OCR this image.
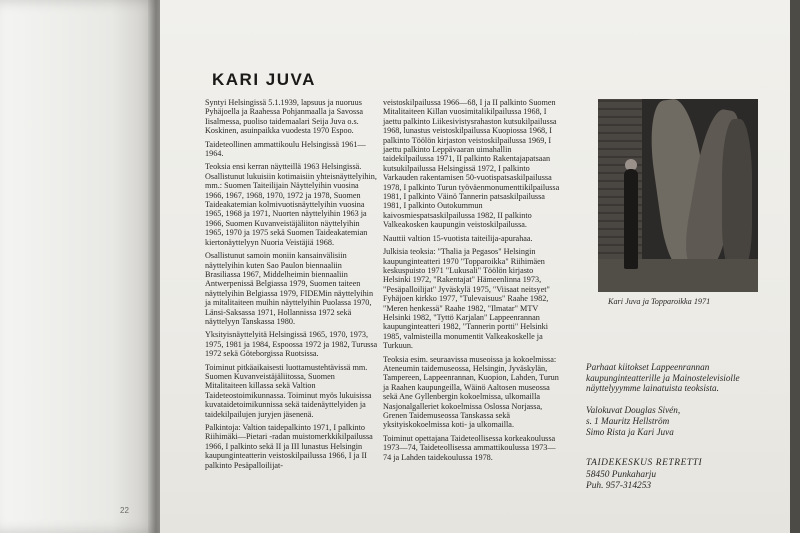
22
KARI JUVA

Syntyi Helsingissä 5.1.1939, lapsuus ja nuoruus Pyhäjoella ja Raahessa Pohjanmaalla ja Savossa Iisalmessa, puoliso taidemaalari Seija Juva o.s. Koskinen, asuinpaikka vuodesta 1970 Espoo.

Taideteollinen ammattikoulu Helsingissä 1961—1964.

Teoksia ensi kerran näytteillä 1963 Helsingissä. Osallistunut lukuisiin kotimaisiin yhteisnäyttelyihin, mm.: Suomen Taiteilijain Näyttelyihin vuosina 1966, 1967, 1968, 1970, 1972 ja 1978, Suomen Taideakatemian kolmivuotisnäyttelyihin vuosina 1965, 1968 ja 1971, Nuorten näyttelyihin 1963 ja 1966, Suomen Kuvanveistäjäliiton näyttelyihin 1965, 1970 ja 1975 sekä Suomen Taideakatemian kiertonäyttelyyn Nuoria Veistäjiä 1968.

Osallistunut samoin moniin kansainvälisiin näyttelyihin kuten Sao Paulon biennaaliin Brasiliassa 1967, Middelheimin biennaaliin Antwerpenissä Belgiassa 1979, Suomen taiteen näyttelyihin Belgiassa 1979, FIDEMin näyttelyihin ja mitalitaiteen muihin näyttelyihin Puolassa 1970, Länsi-Saksassa 1971, Hollannissa 1972 sekä näyttelyyn Tanskassa 1980.

Yksityisnäyttelyitä Helsingissä 1965, 1970, 1973, 1975, 1981 ja 1984, Espoossa 1972 ja 1982, Turussa 1972 sekä Göteborgissa Ruotsissa.

Toiminut pitkäaikaisesti luottamustehtävissä mm. Suomen Kuvanveistäjäliitossa, Suomen Mitalitaiteen killassa sekä Valtion Taideteostoimikunnassa. Toiminut myös lukuisissa kuvataidetoimikunnissa sekä taidenäyttelyiden ja taidekilpailujen juryjen jäsenenä.

Palkintoja: Valtion taidepalkinto 1971, I palkinto Riihimäki—Pietari -radan muistomerkkikilpailussa 1966, I palkinto sekä II ja III lunastus Helsingin kaupunginteatterin veistoskilpailussa 1966, I ja II palkinto Pesäpalloilijat-

veistoskilpailussa 1966—68, I ja II palkinto Suomen Mitalitaiteen Killan vuosimitalikilpailussa 1968, I jaettu palkinto Liikesivistysrahaston kutsukilpailussa 1968, lunastus veistoskilpailussa Kuopiossa 1968, I palkinto Töölön kirjaston veistoskilpailussa 1969, I jaettu palkinto Leppävaaran uimahallin taidekilpailussa 1971, II palkinto Rakentajapatsaan kutsukilpailussa Helsingissä 1972, I palkinto Varkauden rakentamisen 50-vuotispatsaskilpailussa 1978, I palkinto Turun työväenmonumenttikilpailussa 1981, I palkinto Väinö Tannerin patsaskilpailussa 1981, I palkinto Outokummun kaivosmiespatsaskilpailussa 1982, II palkinto Valkeakosken kaupungin veistoskilpailussa.

Nauttii valtion 15-vuotista taiteilija-apurahaa.

Julkisia teoksia: "Thalia ja Pegasos" Helsingin kaupunginteatteri 1970 "Topparoikka" Riihimäen keskuspuisto 1971 "Lukusali" Töölön kirjasto Helsinki 1972, "Rakentajat" Hämeenlinna 1973, "Pesäpalloilijat" Jyväskylä 1975, "Viisaat neitsyet" Fyhäjoen kirkko 1977, "Tulevaisuus" Raahe 1982, "Meren henkessä" Raahe 1982, "Ilmatar" MTV Helsinki 1982, "Tyttö Karjalan" Lappeenrannan kaupunginteatteri 1982, "Tannerin portti" Helsinki 1985, valmisteilla monumentit Valkeakoskelle ja Turkuun.

Teoksia esim. seuraavissa museoissa ja kokoelmissa: Ateneumin taidemuseossa, Helsingin, Jyväskylän, Tampereen, Lappeenrannan, Kuopion, Lahden, Turun ja Raahen kaupungeilla, Wäinö Aaltosen museossa sekä Ane Gyllenbergin kokoelmissa, ulkomailla Nasjonalgalleriet kokoelmissa Oslossa Norjassa, Grenen Taidemuseossa Tanskassa sekä yksityiskokoelmissa koti- ja ulkomailla.

Toiminut opettajana Taideteollisessa korkeakoulussa 1973—74, Taideteollisessa ammattikoulussa 1973—74 ja Lahden taidekoulussa 1978.

Kari Juva ja Topparoikka 1971
Parhaat kiitokset Lappeenrannan kaupunginteatterille ja Mainostelevisiolle näyttelyyymme lainatuista teoksista.
Valokuvat Douglas Sivén,
s. 1 Mauritz Hellström
Simo Rista ja Kari Juva
TAIDEKESKUS RETRETTI
58450 Punkaharju
Puh. 957-314253
